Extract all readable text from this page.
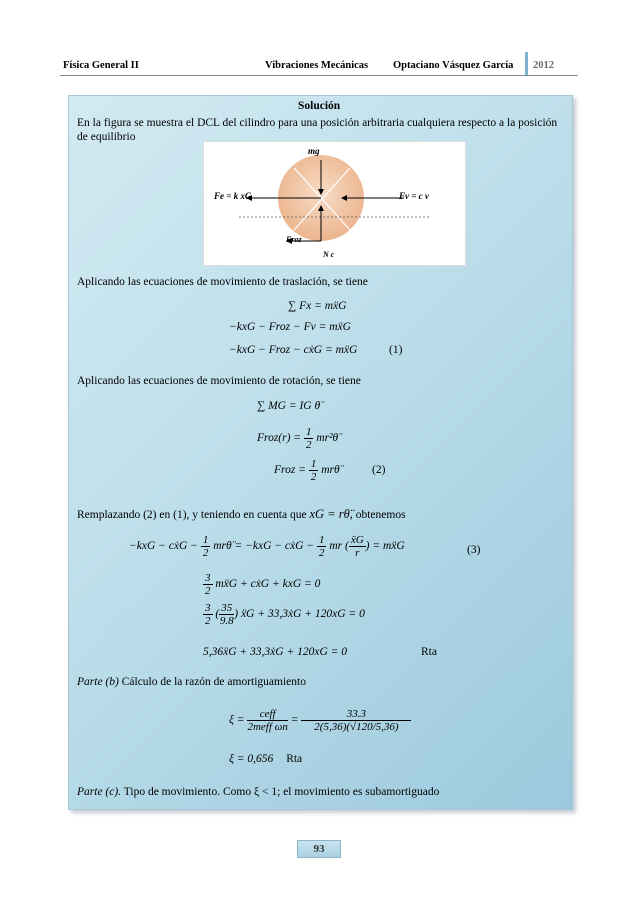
Física General II	Vibraciones Mecánicas Optaciano Vásquez García 2012
Solución
En la figura se muestra el DCL del cilindro para una posición arbitraria cualquiera respecto a la posición de equilibrio
mg
Fe = k xG	Fv = c v
Froz
N c
Aplicando las ecuaciones de movimiento de traslación, se tiene
∑ Fx = mẍG
−kxG − Froz − Fv = mẍG
−kxG − Froz − cẋG = mẍG	(1)
Aplicando las ecuaciones de movimiento de rotación, se tiene
∑ MG = IG θ̈
Froz(r) = $\frac{1}{2}$ mr²θ̈
Froz = $\frac{1}{2}$ mrθ̈	(2)
Remplazando (2) en (1), y teniendo en cuenta que xG = rθ̈, obtenemos
−kxG − cẋG − $\frac{1}{2}$ mrθ̈ = −kxG − cẋG − $\frac{1}{2}$ mr ( $\frac{\text{ẍG}}{r}$ ) = mẍG	(3)
$\frac{3}{2}$ mẍG + cẋG + kxG = 0
$\frac{3}{2}$ ( $\frac{35}{9.8}$ ) ẍG + 33,3ẋG + 120xG = 0
5,36ẍG + 33,3ẋG + 120xG = 0	Rta
Parte (b) Cálculo de la razón de amortiguamiento
$\xi = \frac{\text{ceff}}{\text{2meff ωn}} = \frac{33.3}{2(5,36)(√120/5,36)}$
ξ = 0,656 Rta
Parte (c). Tipo de movimiento. Como ξ < 1; el movimiento es subamortiguado
93
